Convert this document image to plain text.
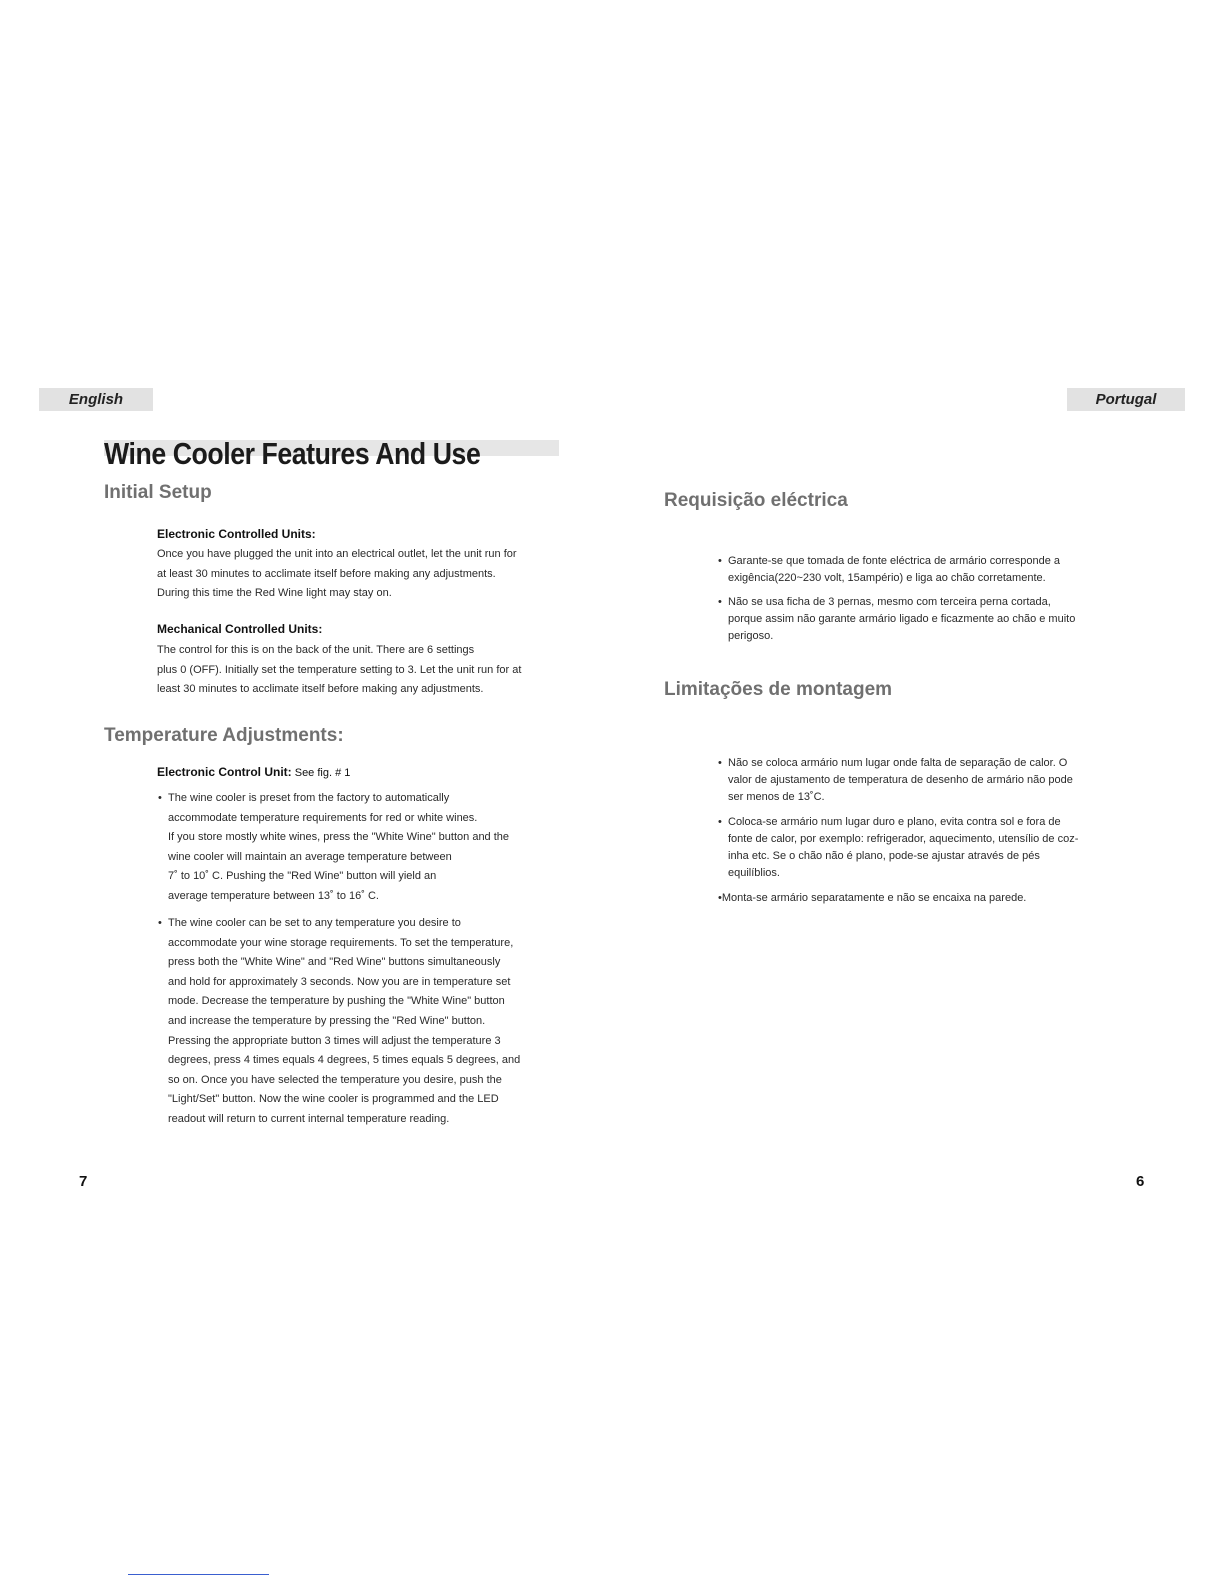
English	Portugal
Wine Cooler Features And Use
Initial Setup
Electronic Controlled Units:
Once you have plugged the unit into an electrical outlet, let the unit run for
at least 30 minutes to acclimate itself before making any adjustments.
During this time the Red Wine light may stay on.
Mechanical Controlled Units:
The control for this is on the back of the unit. There are 6 settings
plus 0 (OFF). Initially set the temperature setting to 3. Let the unit run for at
least 30 minutes to acclimate itself before making any adjustments.
Temperature Adjustments:
Electronic Control Unit: See fig. # 1
• The wine cooler is preset from the factory to automatically
accommodate temperature requirements for red or white wines.
If you store mostly white wines, press the "White Wine" button and the
wine cooler will maintain an average temperature between
7˚ to 10˚ C. Pushing the "Red Wine" button will yield an
average temperature between 13˚ to 16˚ C.
• The wine cooler can be set to any temperature you desire to
accommodate your wine storage requirements. To set the temperature,
press both the "White Wine" and "Red Wine" buttons simultaneously
and hold for approximately 3 seconds. Now you are in temperature set
mode. Decrease the temperature by pushing the "White Wine" button
and increase the temperature by pressing the "Red Wine" button.
Pressing the appropriate button 3 times will adjust the temperature 3
degrees, press 4 times equals 4 degrees, 5 times equals 5 degrees, and
so on. Once you have selected the temperature you desire, push the
"Light/Set" button. Now the wine cooler is programmed and the LED
readout will return to current internal temperature reading.
Requisição eléctrica
• Garante-se que tomada de fonte eléctrica de armário corresponde a
exigência(220~230 volt, 15ampério) e liga ao chão corretamente.
• Não se usa ficha de 3 pernas, mesmo com terceira perna cortada,
porque assim não garante armário ligado e ficazmente ao chão e muito
perigoso.
Limitações de montagem
• Não se coloca armário num lugar onde falta de separação de calor. O
valor de ajustamento de temperatura de desenho de armário não pode
ser menos de 13˚C.
• Coloca-se armário num lugar duro e plano, evita contra sol e fora de
fonte de calor, por exemplo: refrigerador, aquecimento, utensílio de coz-
inha etc. Se o chão não é plano, pode-se ajustar através de pés
equilíblios.
•Monta-se armário separatamente e não se encaixa na parede.
7	6
